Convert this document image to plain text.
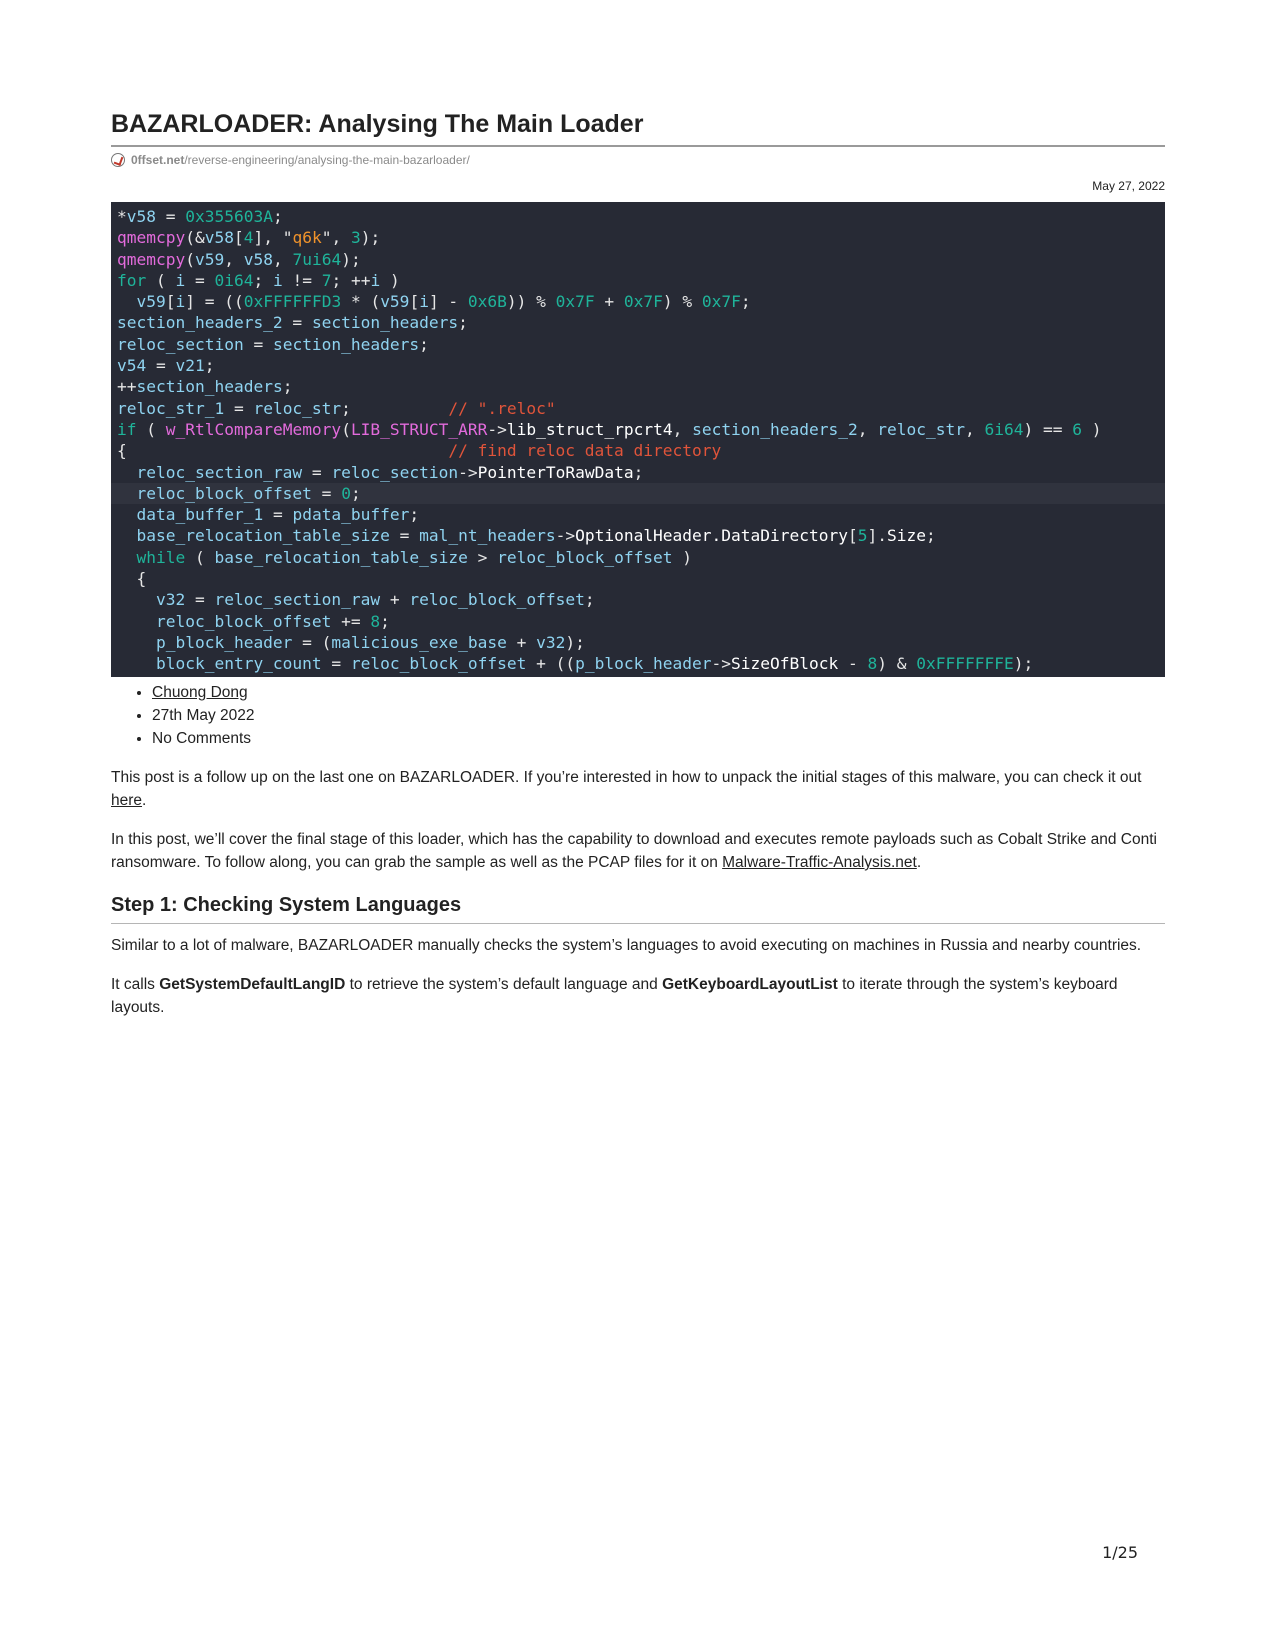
BAZARLOADER: Analysing The Main Loader
0ffset.net /reverse-engineering/analysing-the-main-bazarloader/
May 27, 2022
*v58 = 0x355603A;
qmemcpy(&v58[4], "q6k", 3);
qmemcpy(v59, v58, 7ui64);
for ( i = 0i64; i != 7; ++i )
v59[i] = ((0xFFFFFFD3 * (v59[i] - 0x6B)) % 0x7F + 0x7F) % 0x7F;
section_headers_2 = section_headers;
reloc_section = section_headers;
v54 = v21;
++section_headers;
reloc_str_1 = reloc_str;          // ".reloc"
if ( w_RtlCompareMemory(LIB_STRUCT_ARR->lib_struct_rpcrt4, section_headers_2, reloc_str, 6i64) == 6 )
{                                 // find reloc data directory
reloc_section_raw = reloc_section->PointerToRawData;
reloc_block_offset = 0;
data_buffer_1 = pdata_buffer;
base_relocation_table_size = mal_nt_headers->OptionalHeader.DataDirectory[5].Size;
while ( base_relocation_table_size > reloc_block_offset )
{
v32 = reloc_section_raw + reloc_block_offset;
reloc_block_offset += 8;
p_block_header = (malicious_exe_base + v32);
block_entry_count = reloc_block_offset + ((p_block_header->SizeOfBlock - 8) & 0xFFFFFFFE);
• Chuong Dong
• 27th May 2022
• No Comments

This post is a follow up on the last one on BAZARLOADER. If you’re interested in how to unpack the initial stages of this malware, you can check it out here.

In this post, we’ll cover the final stage of this loader, which has the capability to download and executes remote payloads such as Cobalt Strike and Conti ransomware. To follow along, you can grab the sample as well as the PCAP files for it on Malware-Traffic-Analysis.net.

Step 1: Checking System Languages

Similar to a lot of malware, BAZARLOADER manually checks the system’s languages to avoid executing on machines in Russia and nearby countries.

It calls GetSystemDefaultLangID to retrieve the system’s default language and GetKeyboardLayoutList to iterate through the system’s keyboard layouts.

1/25
